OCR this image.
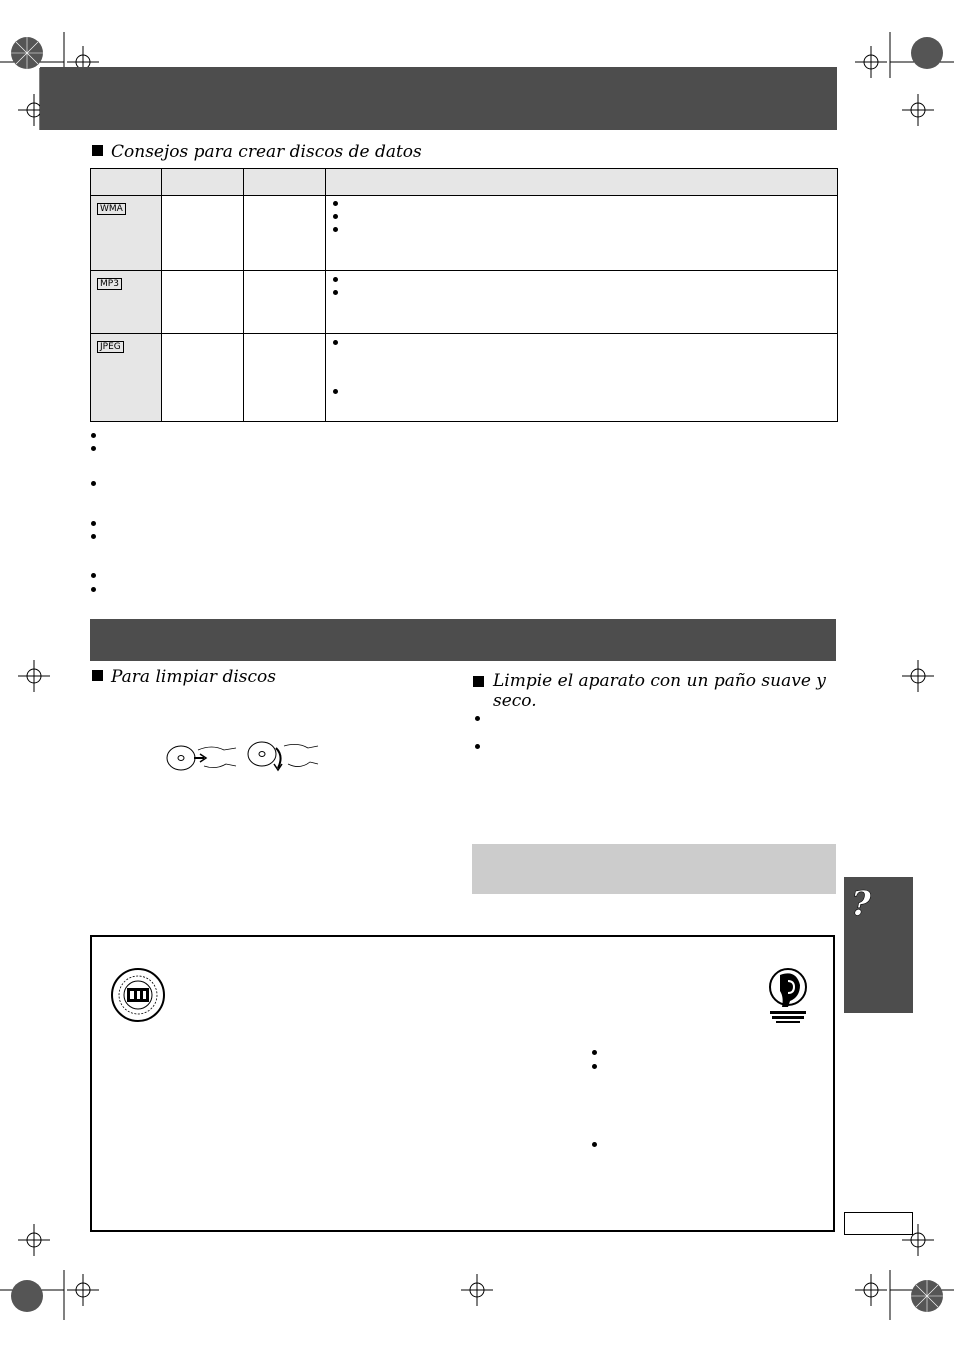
Consejos para crear discos de datos

WMA			

MP3			

JPEG			
Para limpiar discos	Limpie el aparato con un paño suave y seco.
?
